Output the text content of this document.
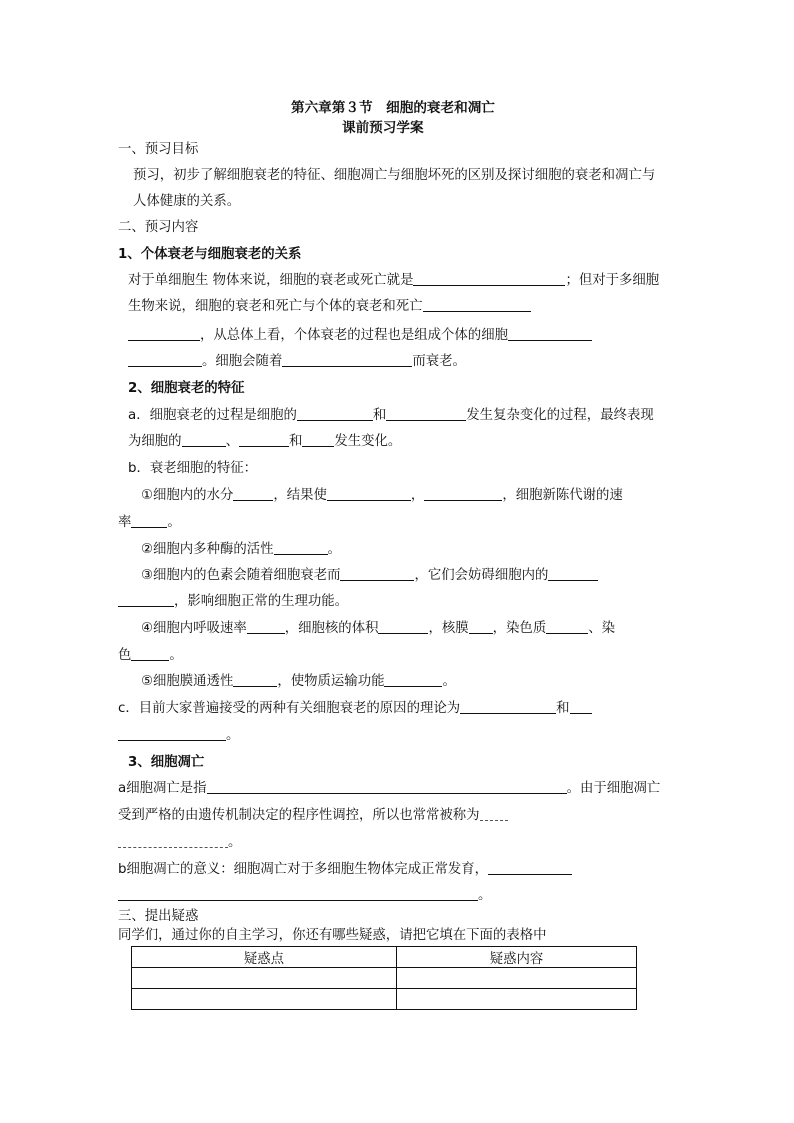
第六章第３节　细胞的衰老和凋亡
课前预习学案
一、预习目标
预习，初步了解细胞衰老的特征、细胞凋亡与细胞坏死的区别及探讨细胞的衰老和凋亡与
人体健康的关系。
二、预习内容
1、个体衰老与细胞衰老的关系
对于单细胞生 物体来说，细胞的衰老或死亡就是	；但对于多细胞
生物来说，细胞的衰老和死亡与个体的衰老和死亡
，从总体上看，个体衰老的过程也是组成个体的细胞
。细胞会随着	而衰老。
2、细胞衰老的特征
a．细胞衰老的过程是细胞的	和	发生复杂变化的过程，最终表现
为细胞的	、	和 发生变化。
b．衰老细胞的特征：
①细胞内的水分	，结果使	，	，细胞新陈代谢的速
率	。
②细胞内多种酶的活性	。
③细胞内的色素会随着细胞衰老而	，它们会妨碍细胞内的
，影响细胞正常的生理功能。
④细胞内呼吸速率	，细胞核的体积	，核膜 ，染色质	、染
色	。
⑤细胞膜通透性	，使物质运输功能	。
c．目前大家普遍接受的两种有关细胞衰老的原因的理论为	和
。
3、细胞凋亡
a细胞凋亡是指	。由于细胞凋亡
受到严格的由遗传机制决定的程序性调控，所以也常常被称为
。
b细胞凋亡的意义：细胞凋亡对于多细胞生物体完成正常发育，
。
三、提出疑惑
同学们，通过你的自主学习，你还有哪些疑惑，请把它填在下面的表格中
疑惑点	疑惑内容
